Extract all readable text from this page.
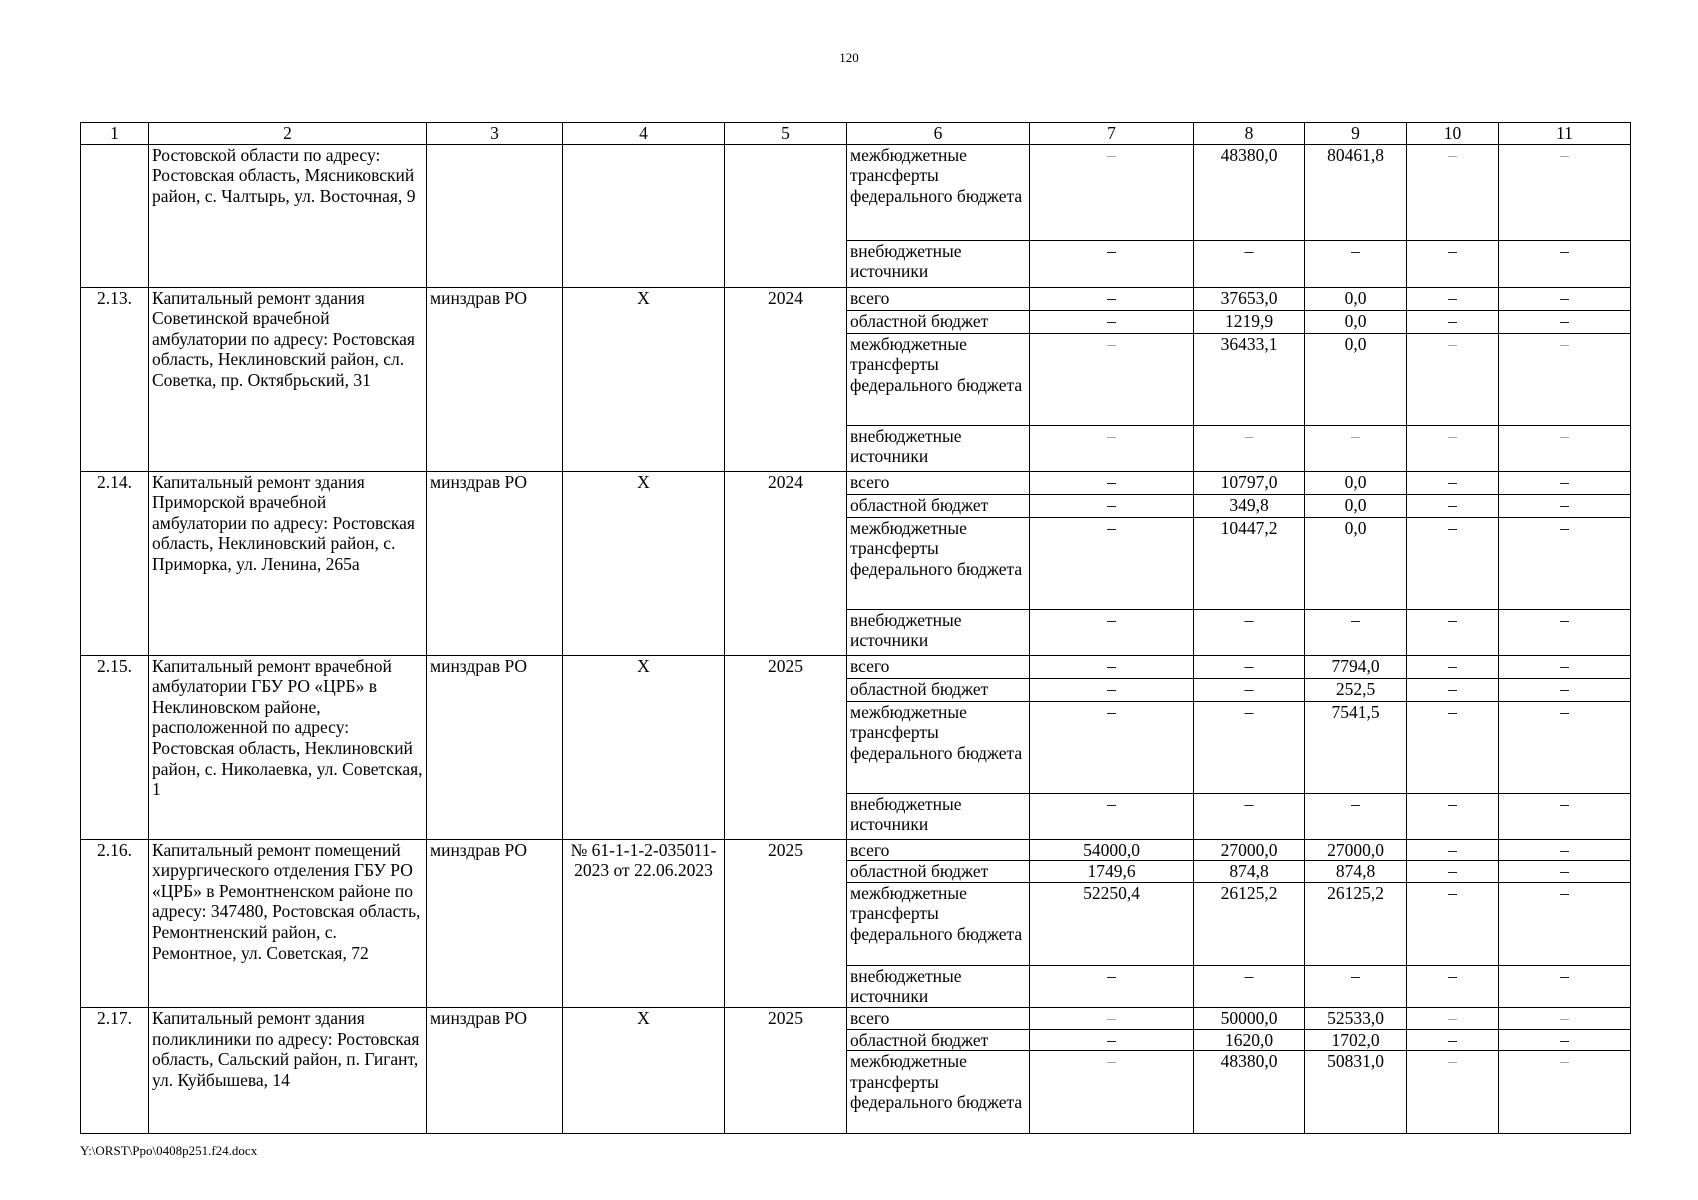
120
1	2	3	4	5	6	7	8	9	10	11
	Ростовской области по адресу: Ростовская область, Мясниковский район, с. Чалтырь, ул. Восточная, 9				межбюджетные трансферты федерального бюджета	–	48380,0	80461,8	–	–
					внебюджетные источники	–	–	–	–	–
2.13.	Капитальный ремонт здания Советинской врачебной амбулатории по адресу: Ростовская область, Неклиновский район, сл. Советка, пр. Октябрьский, 31	минздрав РО	Х	2024	всего	–	37653,0	0,0	–	–
					областной бюджет	–	1219,9	0,0	–	–
					межбюджетные трансферты федерального бюджета	–	36433,1	0,0	–	–
					внебюджетные источники	–	–	–	–	–
2.14.	Капитальный ремонт здания Приморской врачебной амбулатории по адресу: Ростовская область, Неклиновский район, с. Приморка, ул. Ленина, 265а	минздрав РО	Х	2024	всего	–	10797,0	0,0	–	–
					областной бюджет	–	349,8	0,0	–	–
					межбюджетные трансферты федерального бюджета	–	10447,2	0,0	–	–
					внебюджетные источники	–	–	–	–	–
2.15.	Капитальный ремонт врачебной амбулатории ГБУ РО «ЦРБ» в Неклиновском районе, расположенной по адресу: Ростовская область, Неклиновский район, с. Николаевка, ул. Советская, 1	минздрав РО	Х	2025	всего	–	–	7794,0	–	–
					областной бюджет	–	–	252,5	–	–
					межбюджетные трансферты федерального бюджета	–	–	7541,5	–	–
					внебюджетные источники	–	–	–	–	–
2.16.	Капитальный ремонт помещений хирургического отделения ГБУ РО «ЦРБ» в Ремонтненском районе по адресу: 347480, Ростовская область, Ремонтненский район, с. Ремонтное, ул. Советская, 72	минздрав РО	№ 61-1-1-2-035011-2023 от 22.06.2023	2025	всего	54000,0	27000,0	27000,0	–	–
					областной бюджет	1749,6	874,8	874,8	–	–
					межбюджетные трансферты федерального бюджета	52250,4	26125,2	26125,2	–	–
					внебюджетные источники	–	–	–	–	–
2.17.	Капитальный ремонт здания поликлиники по адресу: Ростовская область, Сальский район, п. Гигант, ул. Куйбышева, 14	минздрав РО	Х	2025	всего	–	50000,0	52533,0	–	–
					областной бюджет	–	1620,0	1702,0	–	–
					межбюджетные трансферты федерального бюджета	–	48380,0	50831,0	–	–
Y:\ORST\Ppo\0408p251.f24.docx
